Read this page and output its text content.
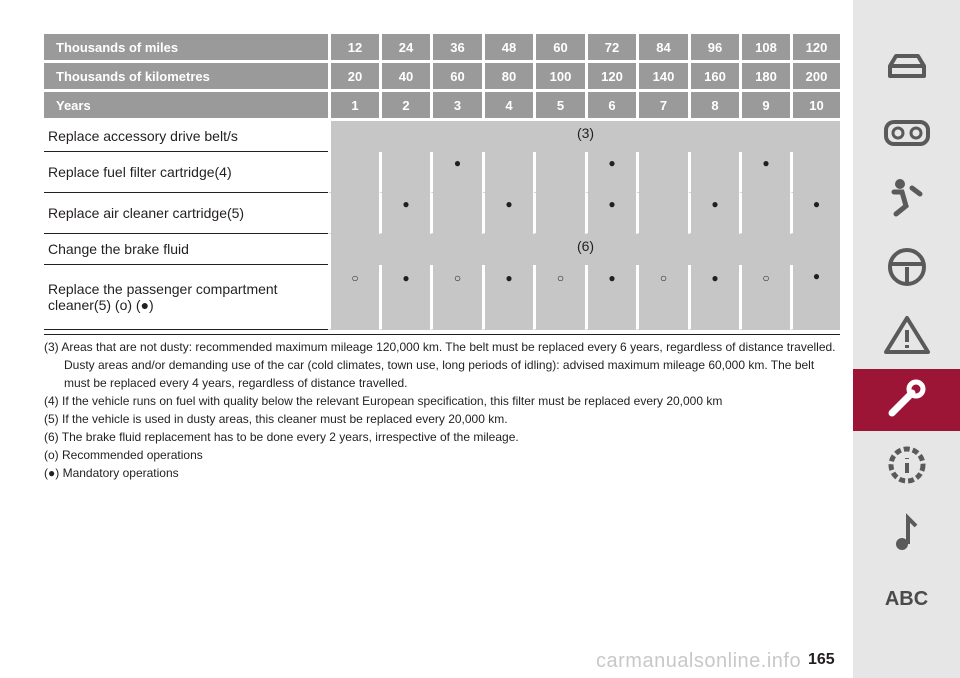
Thousands of miles	12	24	36	48	60	72	84	96	108	120
Thousands of kilometres	20	40	60	80	100	120	140	160	180	200
Years	1	2	3	4	5	6	7	8	9	10
Replace accessory drive belt/s	(3)									
Replace fuel filter cartridge(4)			●			●			●	

Replace air cleaner cartridge(5)		●		●		●		●		●

Change the brake fluid	(6)									
Replace the passenger compartment cleaner(5) (o) (●)	○	●	○	●	○	●	○	●	○	●

(3) Areas that are not dusty: recommended maximum mileage 120,000 km. The belt must be replaced every 6 years, regardless of distance travelled. Dusty areas and/or demanding use of the car (cold climates, town use, long periods of idling): advised maximum mileage 60,000 km. The belt must be replaced every 4 years, regardless of distance travelled.

(4) If the vehicle runs on fuel with quality below the relevant European specification, this filter must be replaced every 20,000 km

(5) If the vehicle is used in dusty areas, this cleaner must be replaced every 20,000 km.

(6) The brake fluid replacement has to be done every 2 years, irrespective of the mileage.

(o) Recommended operations

(●) Mandatory operations

ABC
carmanualsonline.info 165
